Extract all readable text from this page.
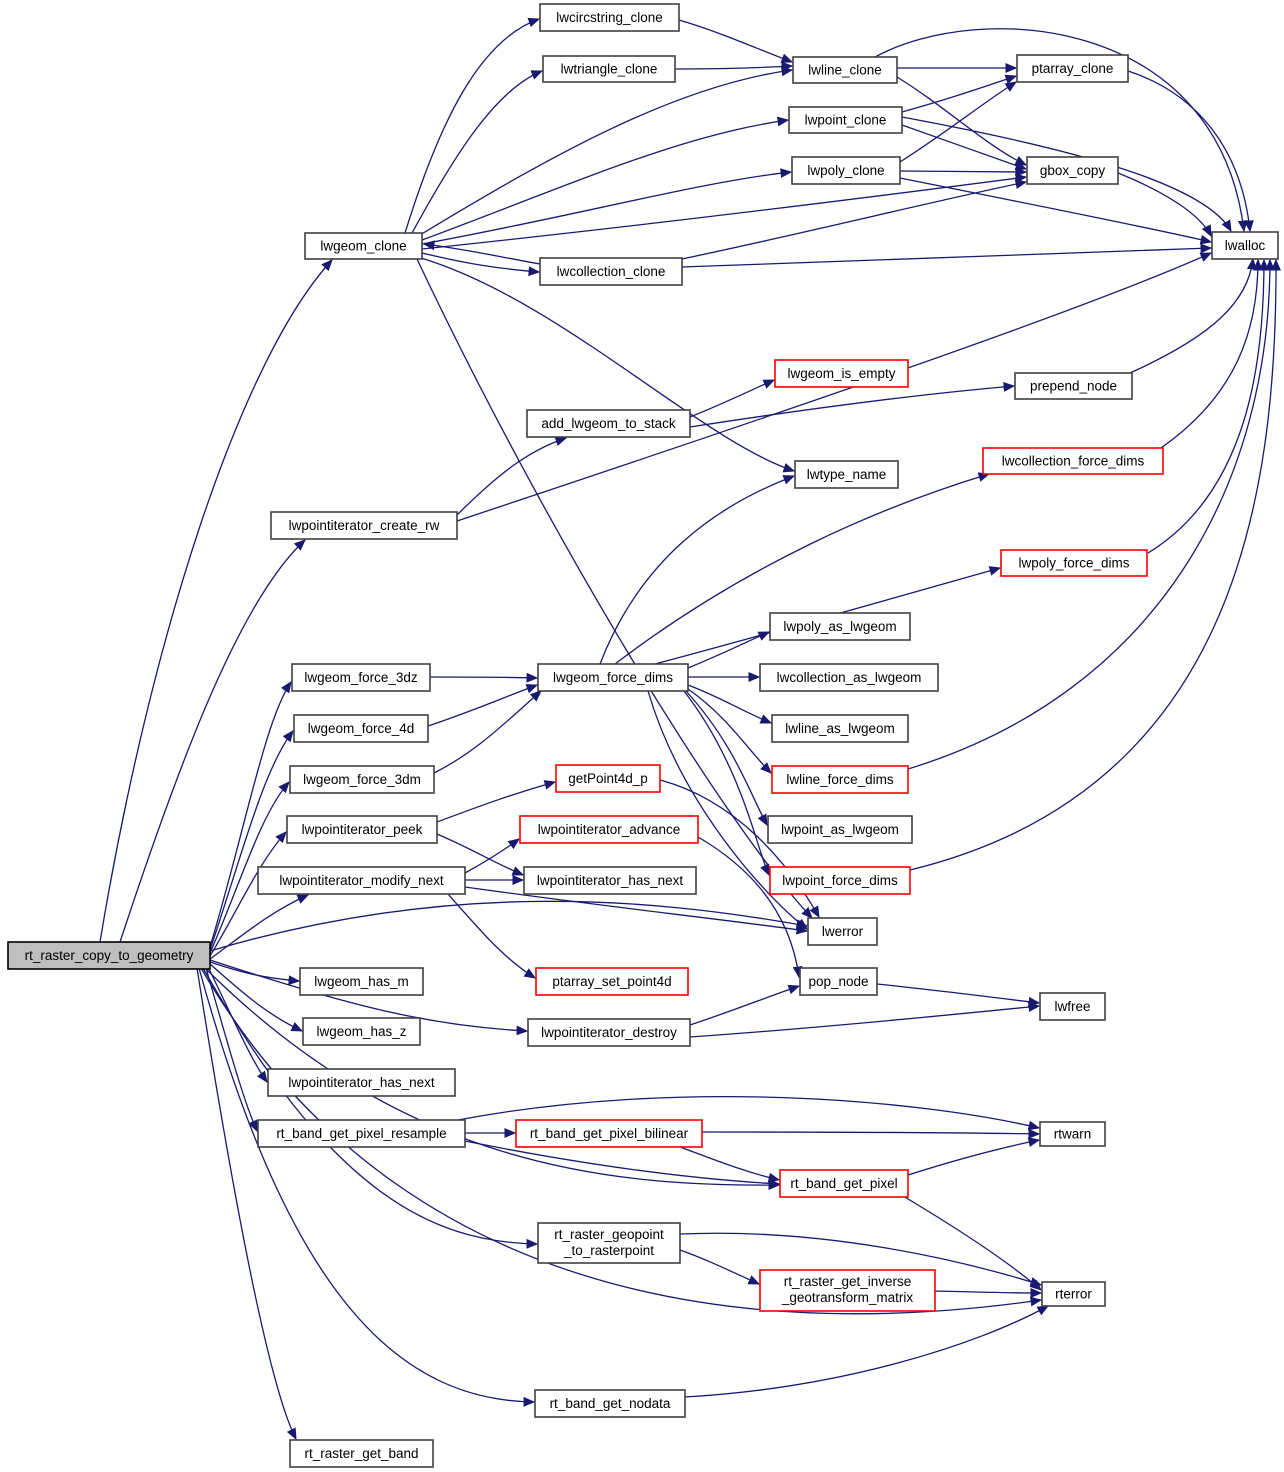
rt_raster_copy_to_geometry
lwgeom_clone
lwcircstring_clone
lwtriangle_clone
lwcollection_clone
add_lwgeom_to_stack
lwpointiterator_create_rw
lwgeom_force_3dz	lwgeom_force_dims
lwgeom_force_4d
lwgeom_force_3dm	getPoint4d_p
lwpointiterator_peek	lwpointiterator_advance
lwpointiterator_modify_next	lwpointiterator_has_next
lwgeom_has_m	ptarray_set_point4d
lwgeom_has_z	lwpointiterator_destroy
lwpointiterator_has_next
rt_band_get_pixel_resample	rt_band_get_pixel_bilinear
rt_raster_geopoint _to_rasterpoint
rt_band_get_nodata
rt_raster_get_band
lwline_clone
lwpoint_clone
lwpoly_clone
lwgeom_is_empty
lwtype_name
lwpoly_as_lwgeom
lwcollection_as_lwgeom
lwline_as_lwgeom
lwline_force_dims
lwpoint_as_lwgeom
lwpoint_force_dims
lwerror
pop_node
rt_band_get_pixel
rt_raster_get_inverse _geotransform_matrix
ptarray_clone
gbox_copy
prepend_node
lwcollection_force_dims
lwpoly_force_dims
lwfree
rtwarn
rterror
lwalloc
